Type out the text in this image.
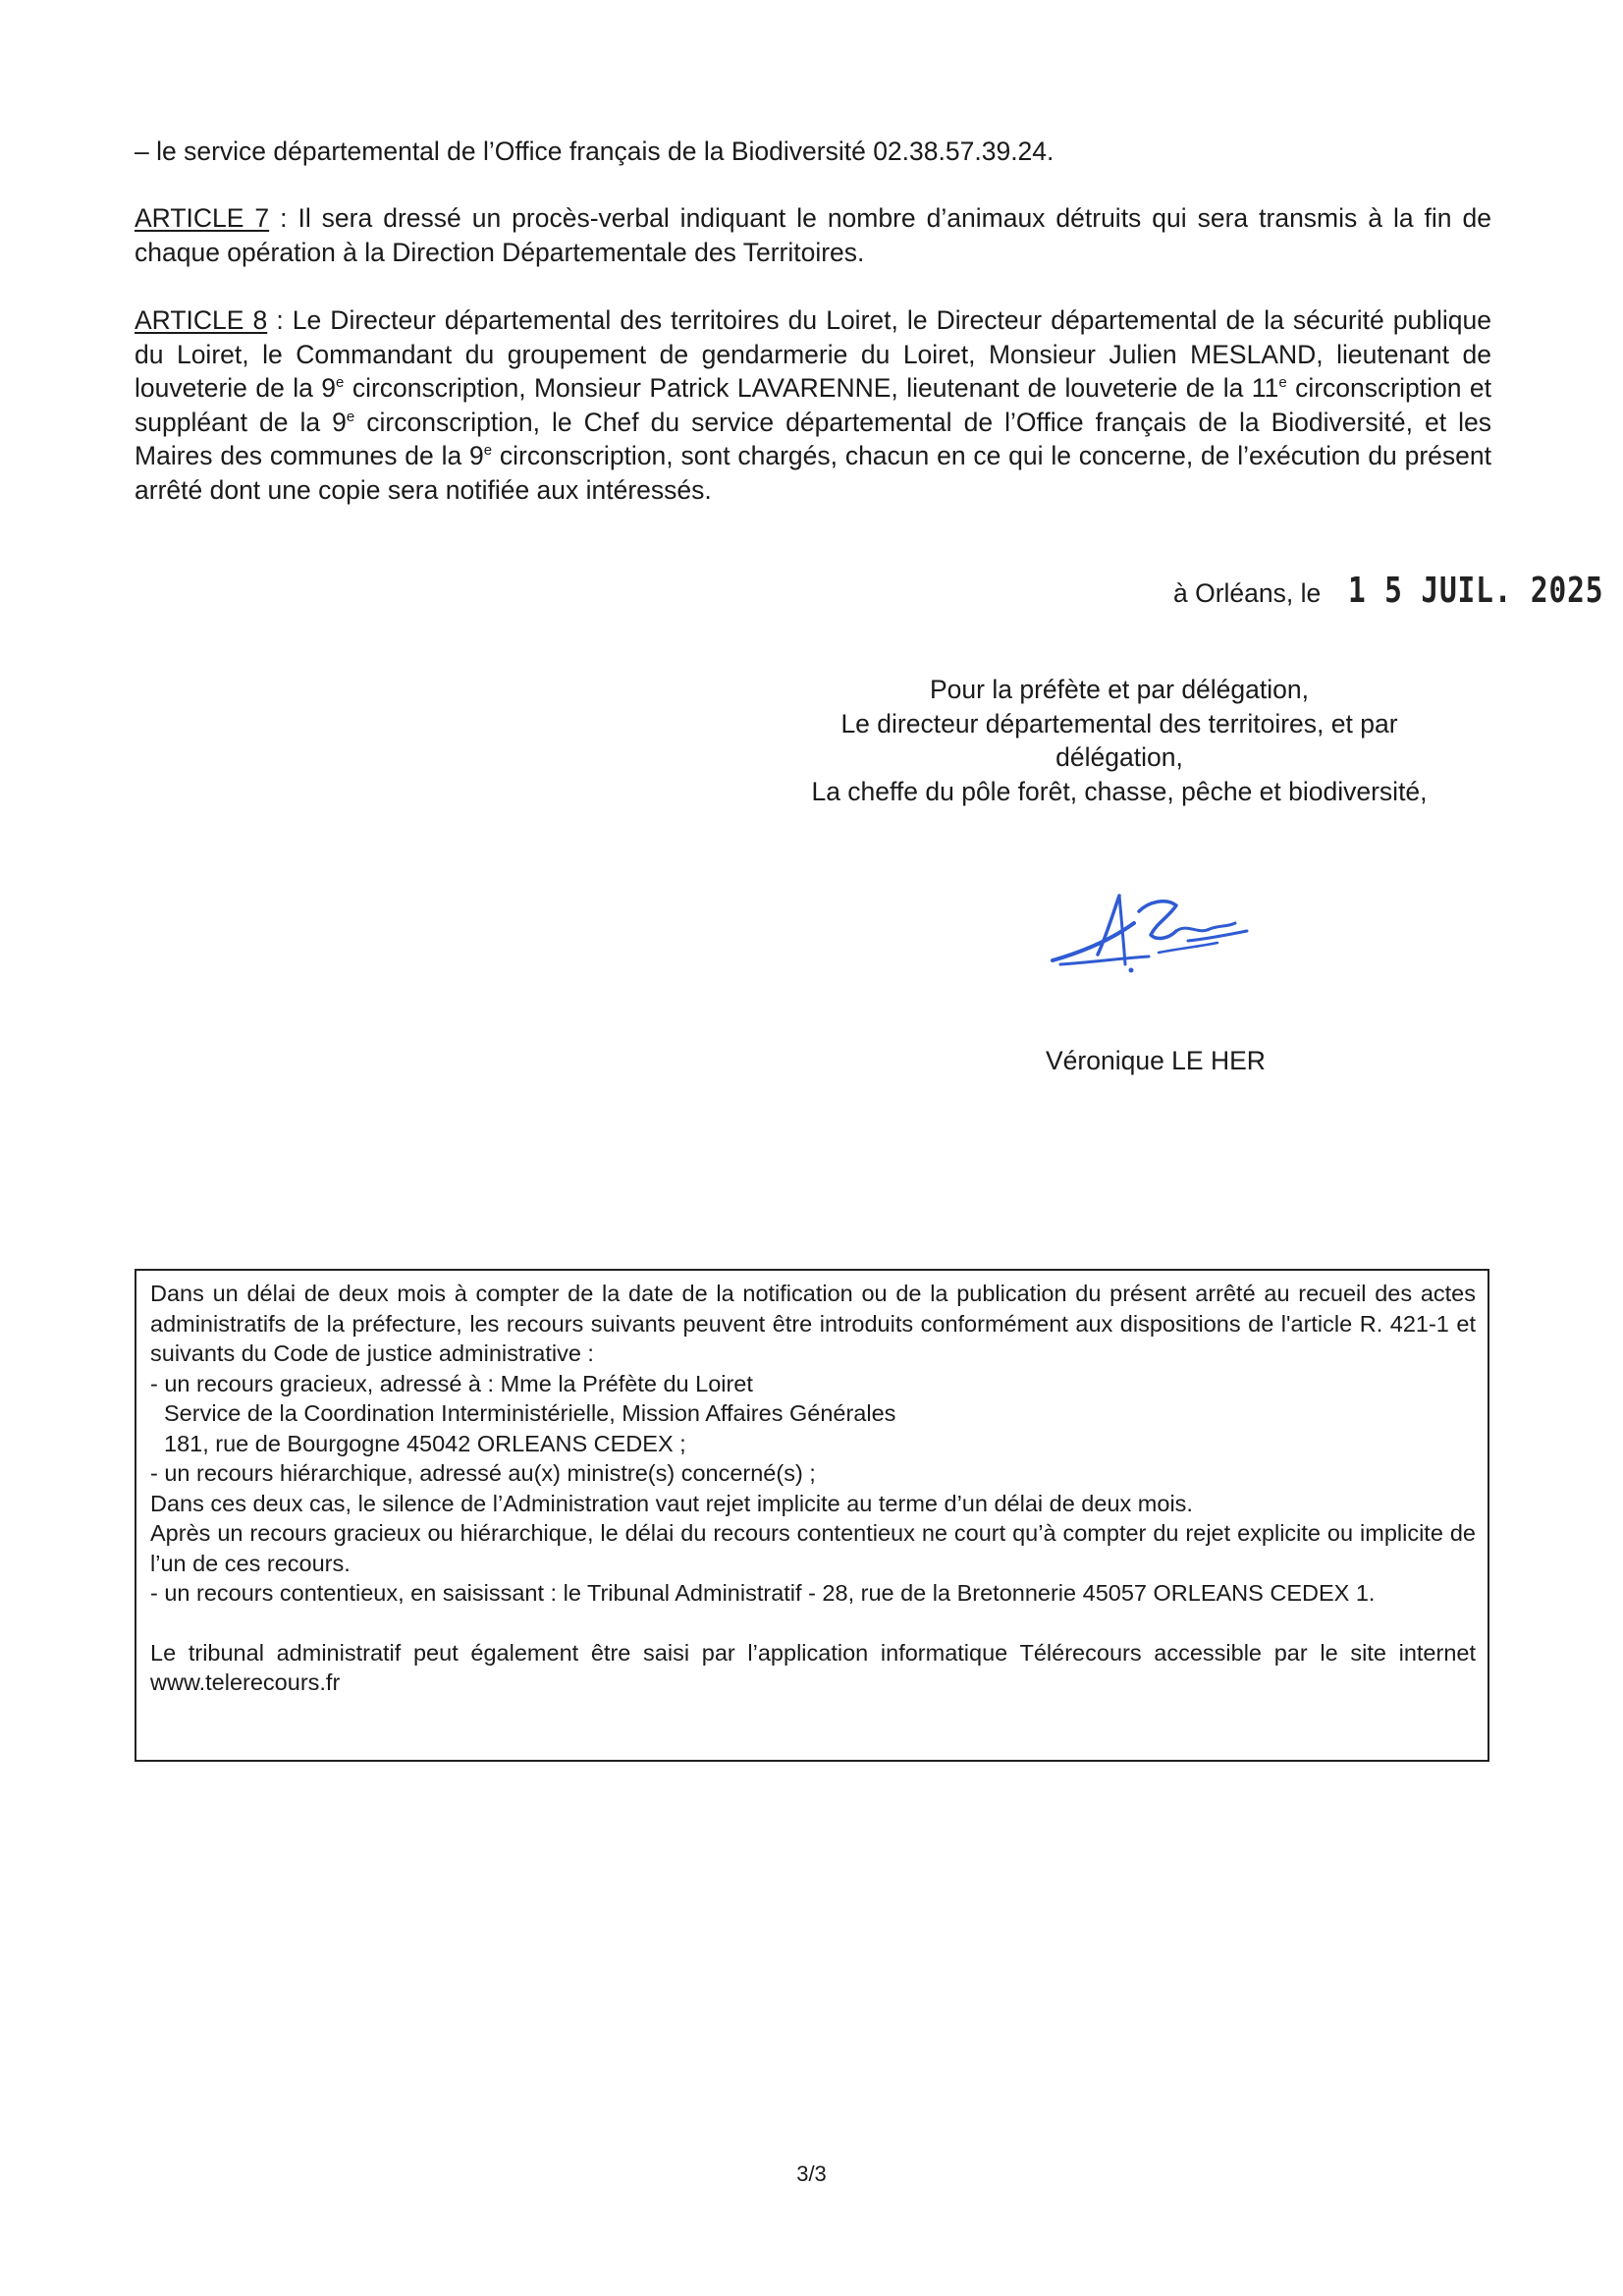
– le service départemental de l’Office français de la Biodiversité 02.38.57.39.24.
ARTICLE 7 : Il sera dressé un procès-verbal indiquant le nombre d’animaux détruits qui sera transmis à la fin de chaque opération à la Direction Départementale des Territoires.
ARTICLE 8 : Le Directeur départemental des territoires du Loiret, le Directeur départemental de la sécurité publique du Loiret, le Commandant du groupement de gendarmerie du Loiret, Monsieur Julien MESLAND, lieutenant de louveterie de la 9e circonscription, Monsieur Patrick LAVARENNE, lieutenant de louveterie de la 11e circonscription et suppléant de la 9e circonscription, le Chef du service départemental de l’Office français de la Biodiversité, et les Maires des communes de la 9e circonscription, sont chargés, chacun en ce qui le concerne, de l’exécution du présent arrêté dont une copie sera notifiée aux intéressés.
à Orléans, le 1 5 JUIL. 2025
Pour la préfète et par délégation,
Le directeur départemental des territoires, et par
délégation,
La cheffe du pôle forêt, chasse, pêche et biodiversité,
Véronique LE HER

Dans un délai de deux mois à compter de la date de la notification ou de la publication du présent arrêté au recueil des actes administratifs de la préfecture, les recours suivants peuvent être introduits conformément aux dispositions de l'article R. 421-1 et suivants du Code de justice administrative :

- un recours gracieux, adressé à : Mme la Préfète du Loiret

Service de la Coordination Interministérielle, Mission Affaires Générales

181, rue de Bourgogne 45042 ORLEANS CEDEX ;

- un recours hiérarchique, adressé au(x) ministre(s) concerné(s) ;

Dans ces deux cas, le silence de l’Administration vaut rejet implicite au terme d’un délai de deux mois.

Après un recours gracieux ou hiérarchique, le délai du recours contentieux ne court qu’à compter du rejet explicite ou implicite de l’un de ces recours.

- un recours contentieux, en saisissant : le Tribunal Administratif - 28, rue de la Bretonnerie 45057 ORLEANS CEDEX 1.

Le tribunal administratif peut également être saisi par l’application informatique Télérecours accessible par le site internet www.telerecours.fr

3/3
